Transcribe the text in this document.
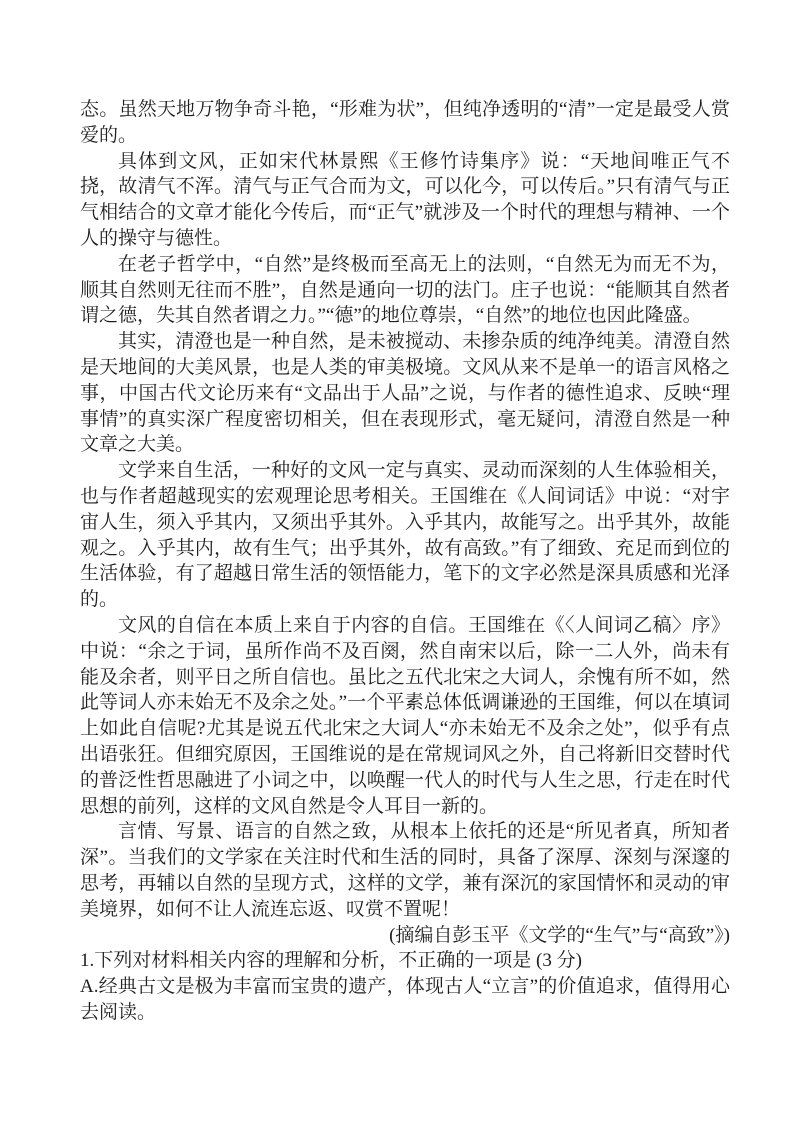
态。虽然天地万物争奇斗艳，“形难为状”，但纯净透明的“清”一定是最受人赏爱的。

具体到文风，正如宋代林景熙《王修竹诗集序》说：“天地间唯正气不挠，故清气不浑。清气与正气合而为文，可以化今，可以传后。”只有清气与正气相结合的文章才能化今传后，而“正气”就涉及一个时代的理想与精神、一个人的操守与德性。

在老子哲学中，“自然”是终极而至高无上的法则，“自然无为而无不为，顺其自然则无往而不胜”，自然是通向一切的法门。庄子也说：“能顺其自然者谓之德，失其自然者谓之力。”“德”的地位尊崇，“自然”的地位也因此隆盛。

其实，清澄也是一种自然，是未被搅动、未掺杂质的纯净纯美。清澄自然是天地间的大美风景，也是人类的审美极境。文风从来不是单一的语言风格之事，中国古代文论历来有“文品出于人品”之说，与作者的德性追求、反映“理事情”的真实深广程度密切相关，但在表现形式，毫无疑问，清澄自然是一种文章之大美。

文学来自生活，一种好的文风一定与真实、灵动而深刻的人生体验相关，也与作者超越现实的宏观理论思考相关。王国维在《人间词话》中说：“对宇宙人生，须入乎其内，又须出乎其外。入乎其内，故能写之。出乎其外，故能观之。入乎其内，故有生气；出乎其外，故有高致。”有了细致、充足而到位的生活体验，有了超越日常生活的领悟能力，笔下的文字必然是深具质感和光泽的。

文风的自信在本质上来自于内容的自信。王国维在《〈人间词乙稿〉序》中说：“余之于词，虽所作尚不及百阕，然自南宋以后，除一二人外，尚未有能及余者，则平日之所自信也。虽比之五代北宋之大词人，余愧有所不如，然此等词人亦未始无不及余之处。”一个平素总体低调谦逊的王国维，何以在填词上如此自信呢?尤其是说五代北宋之大词人“亦未始无不及余之处”，似乎有点出语张狂。但细究原因，王国维说的是在常规词风之外，自己将新旧交替时代的普泛性哲思融进了小词之中，以唤醒一代人的时代与人生之思，行走在时代思想的前列，这样的文风自然是令人耳目一新的。

言情、写景、语言的自然之致，从根本上依托的还是“所见者真，所知者深”。当我们的文学家在关注时代和生活的同时，具备了深厚、深刻与深邃的思考，再辅以自然的呈现方式，这样的文学，兼有深沉的家国情怀和灵动的审美境界，如何不让人流连忘返、叹赏不置呢！

(摘编自彭玉平《文学的“生气”与“高致”》)

1.下列对材料相关内容的理解和分析，不正确的一项是 (3 分)

A.经典古文是极为丰富而宝贵的遗产，体现古人“立言”的价值追求，值得用心去阅读。
